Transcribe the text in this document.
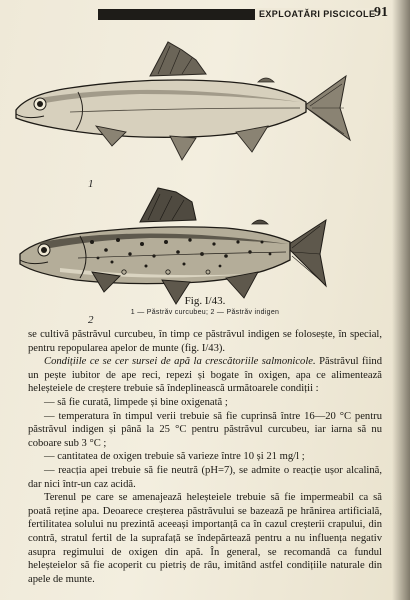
EXPLOATĂRI PISCICOLE
91
1
2
Fig. I/43.
1 — Păstrăv curcubeu; 2 — Păstrăv indigen

se cultivă păstrăvul curcubeu, în timp ce păstrăvul indigen se folosește, în special, pentru repopularea apelor de munte (fig. I/43).

Condițiile ce se cer sursei de apă la crescătoriile salmonicole. Păstrăvul fiind un pește iubitor de ape reci, repezi și bogate în oxigen, apa ce alimentează heleșteiele de creștere trebuie să îndeplinească următoarele condiții :

— să fie curată, limpede și bine oxigenată ;

— temperatura în timpul verii trebuie să fie cuprinsă între 16—20 °C pentru păstrăvul indigen și până la 25 °C pentru păstrăvul curcubeu, iar iarna să nu coboare sub 3 °C ;

— cantitatea de oxigen trebuie să varieze între 10 și 21 mg/l ;

— reacția apei trebuie să fie neutră (pH=7), se admite o reacție ușor alcalină, dar nici într-un caz acidă.

Terenul pe care se amenajează heleșteiele trebuie să fie impermeabil ca să poată reține apa. Deoarece creșterea păstrăvului se bazează pe hrănirea artificială, fertilitatea solului nu prezintă aceeași importanță ca în cazul creșterii crapului, din contră, stratul fertil de la suprafață se îndepărtează pentru a nu influența negativ asupra regimului de oxigen din apă. În general, se recomandă ca fundul heleșteielor să fie acoperit cu pietriș de râu, imitând astfel condițiile naturale din apele de munte.
